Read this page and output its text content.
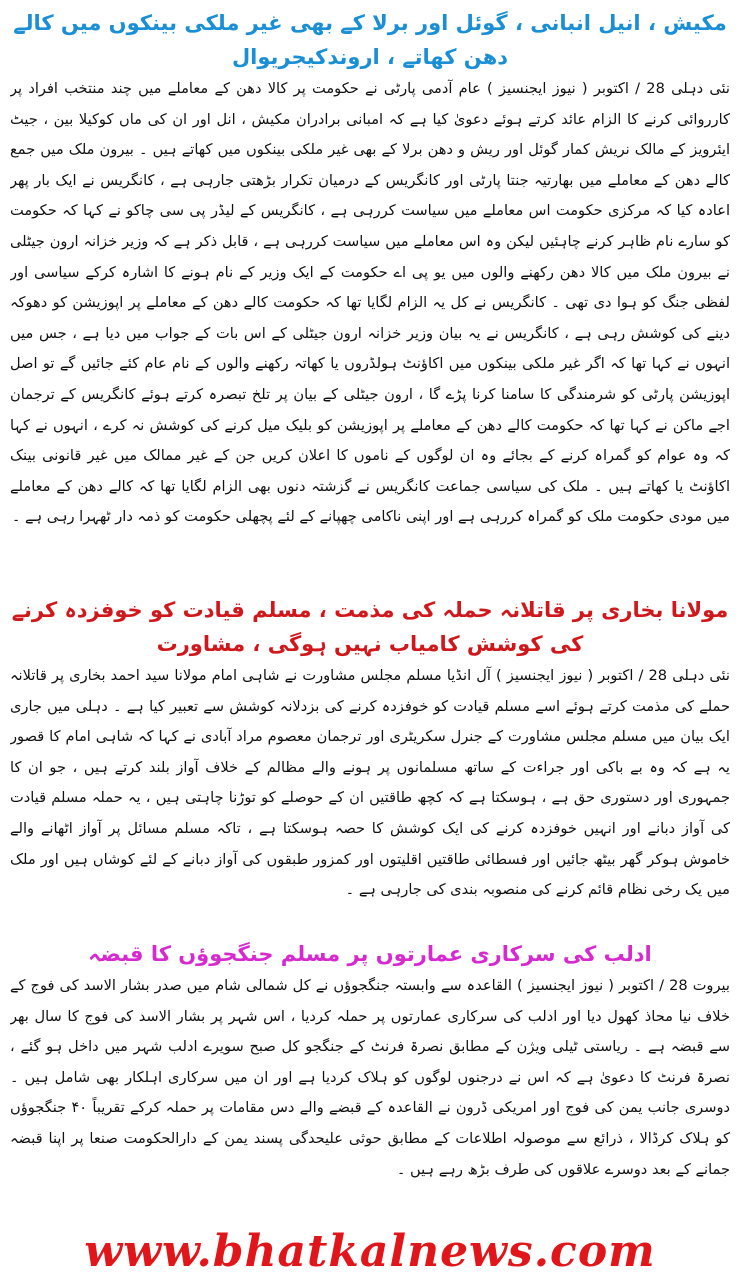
مکیش ، انیل انبانی ، گوئل اور برلا کے بھی غیر ملکی بینکوں میں کالے دھن کھاتے ، اروندکیجریوال

نئی دہلی 28 / اکتوبر ( نیوز ایجنسیز ) عام آدمی پارٹی نے حکومت پر کالا دھن کے معاملے میں چند منتخب افراد پر کارروائی کرنے کا الزام عائد کرتے ہوئے دعویٰ کیا ہے کہ امبانی برادران مکیش ، انل اور ان کی ماں کوکیلا بین ، جیٹ ایئرویز کے مالک نریش کمار گوئل اور ریش و دھن برلا کے بھی غیر ملکی بینکوں میں کھاتے ہیں ۔ بیرون ملک میں جمع کالے دھن کے معاملے میں بھارتیہ جنتا پارٹی اور کانگریس کے درمیان تکرار بڑھتی جارہی ہے ، کانگریس نے ایک بار پھر اعادہ کیا کہ مرکزی حکومت اس معاملے میں سیاست کررہی ہے ، کانگریس کے لیڈر پی سی چاکو نے کہا کہ حکومت کو سارے نام ظاہر کرنے چاہئیں لیکن وہ اس معاملے میں سیاست کررہی ہے ، قابل ذکر ہے کہ وزیر خزانہ ارون جیٹلی نے بیرون ملک میں کالا دھن رکھنے والوں میں یو پی اے حکومت کے ایک وزیر کے نام ہونے کا اشارہ کرکے سیاسی اور لفظی جنگ کو ہوا دی تھی ۔ کانگریس نے کل یہ الزام لگایا تھا کہ حکومت کالے دھن کے معاملے پر اپوزیشن کو دھوکہ دینے کی کوشش رہی ہے ، کانگریس نے یہ بیان وزیر خزانہ ارون جیٹلی کے اس بات کے جواب میں دیا ہے ، جس میں انہوں نے کہا تھا کہ اگر غیر ملکی بینکوں میں اکاؤنٹ ہولڈروں یا کھاتہ رکھنے والوں کے نام عام کئے جائیں گے تو اصل اپوزیشن پارٹی کو شرمندگی کا سامنا کرنا پڑے گا ، ارون جیٹلی کے بیان پر تلخ تبصرہ کرتے ہوئے کانگریس کے ترجمان اجے ماکن نے کہا تھا کہ حکومت کالے دھن کے معاملے پر اپوزیشن کو بلیک میل کرنے کی کوشش نہ کرے ، انہوں نے کہا کہ وہ عوام کو گمراہ کرنے کے بجائے وہ ان لوگوں کے ناموں کا اعلان کریں جن کے غیر ممالک میں غیر قانونی بینک اکاؤنٹ یا کھاتے ہیں ۔ ملک کی سیاسی جماعت کانگریس نے گزشتہ دنوں بھی الزام لگایا تھا کہ کالے دھن کے معاملے میں مودی حکومت ملک کو گمراہ کررہی ہے اور اپنی ناکامی چھپانے کے لئے پچھلی حکومت کو ذمہ دار ٹھہرا رہی ہے ۔

مولانا بخاری پر قاتلانہ حملہ کی مذمت ، مسلم قیادت کو خوفزدہ کرنے کی کوشش کامیاب نہیں ہوگی ، مشاورت

نئی دہلی 28 / اکتوبر ( نیوز ایجنسیز ) آل انڈیا مسلم مجلس مشاورت نے شاہی امام مولانا سید احمد بخاری پر قاتلانہ حملے کی مذمت کرتے ہوئے اسے مسلم قیادت کو خوفزدہ کرنے کی بزدلانہ کوشش سے تعبیر کیا ہے ۔ دہلی میں جاری ایک بیان میں مسلم مجلس مشاورت کے جنرل سکریٹری اور ترجمان معصوم مراد آبادی نے کہا کہ شاہی امام کا قصور یہ ہے کہ وہ بے باکی اور جراءت کے ساتھ مسلمانوں پر ہونے والے مظالم کے خلاف آواز بلند کرتے ہیں ، جو ان کا جمہوری اور دستوری حق ہے ، ہوسکتا ہے کہ کچھ طاقتیں ان کے حوصلے کو توڑنا چاہتی ہیں ، یہ حملہ مسلم قیادت کی آواز دبانے اور انہیں خوفزدہ کرنے کی ایک کوشش کا حصہ ہوسکتا ہے ، تاکہ مسلم مسائل پر آواز اٹھانے والے خاموش ہوکر گھر بیٹھ جائیں اور فسطائی طاقتیں اقلیتوں اور کمزور طبقوں کی آواز دبانے کے لئے کوشاں ہیں اور ملک میں یک رخی نظام قائم کرنے کی منصوبہ بندی کی جارہی ہے ۔

ادلب کی سرکاری عمارتوں پر مسلم جنگجوؤں کا قبضہ

بیروت 28 / اکتوبر ( نیوز ایجنسیز ) القاعدہ سے وابستہ جنگجوؤں نے کل شمالی شام میں صدر بشار الاسد کی فوج کے خلاف نیا محاذ کھول دیا اور ادلب کی سرکاری عمارتوں پر حملہ کردیا ، اس شہر پر بشار الاسد کی فوج کا سال بھر سے قبضہ ہے ۔ ریاستی ٹیلی ویژن کے مطابق نصرۃ فرنٹ کے جنگجو کل صبح سویرے ادلب شہر میں داخل ہو گئے ، نصرۃ فرنٹ کا دعویٰ ہے کہ اس نے درجنوں لوگوں کو ہلاک کردیا ہے اور ان میں سرکاری اہلکار بھی شامل ہیں ۔ دوسری جانب یمن کی فوج اور امریکی ڈرون نے القاعدہ کے قبضے والے دس مقامات پر حملہ کرکے تقریباً ۴۰ جنگجوؤں کو ہلاک کرڈالا ، ذرائع سے موصولہ اطلاعات کے مطابق حوثی علیحدگی پسند یمن کے دارالحکومت صنعا پر اپنا قبضہ جمانے کے بعد دوسرے علاقوں کی طرف بڑھ رہے ہیں ۔

www.bhatkalnews.com
